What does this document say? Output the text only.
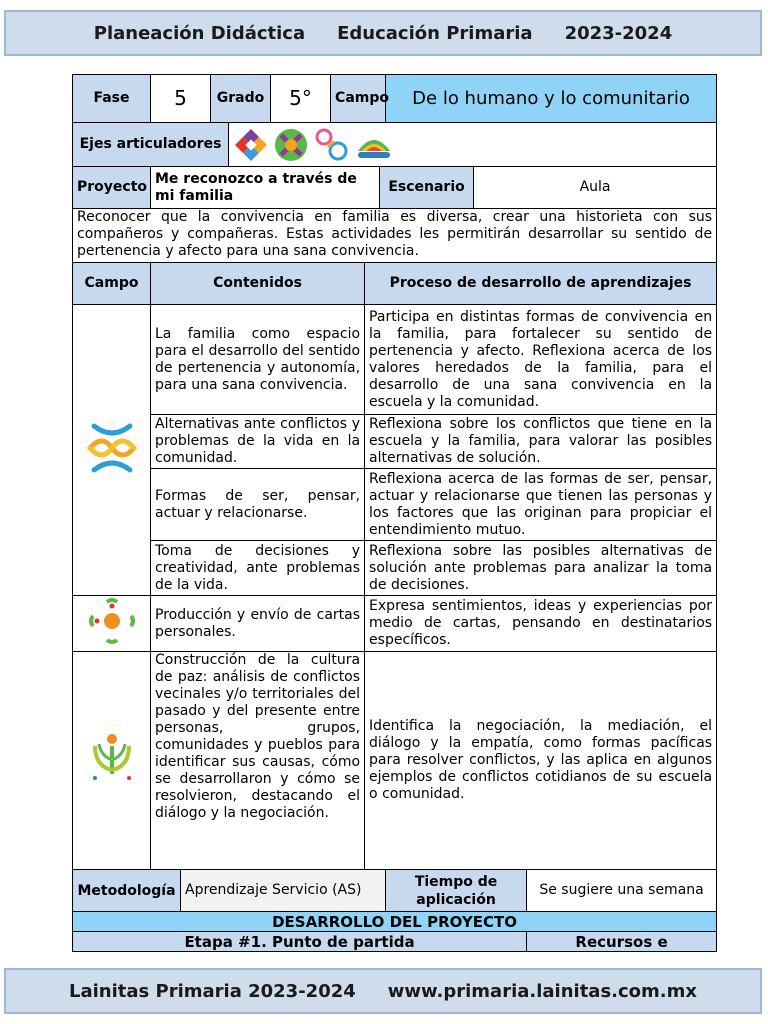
Planeación Didáctica Educación Primaria 2023-2024
Fase	5		Grado		5°	Campo			De lo humano y lo comunitario		
Ejes articuladores	
Proyecto	Me reconozco a través de mi familia							Escenario		Aula	
Reconocer que la convivencia en familia es diversa, crear una historieta con sus compañeros y compañeras. Estas actividades les permitirán desarrollar su sentido de pertenencia y afecto para una sana convivencia.											
Campo	Contenidos						Proceso de desarrollo de aprendizajes				
	La familia como espacio para el desarrollo del sentido de pertenencia y autonomía, para una sana convivencia.						Participa en distintas formas de convivencia en la familia, para fortalecer su sentido de pertenencia y afecto. Reflexiona acerca de los valores heredados de la familia, para el desarrollo de una sana convivencia en la escuela y la comunidad.				
	Alternativas ante conflictos y problemas de la vida en la comunidad.						Reflexiona sobre los conflictos que tiene en la escuela y la familia, para valorar las posibles alternativas de solución.				
	Formas de ser, pensar, actuar y relacionarse.						Reflexiona acerca de las formas de ser, pensar, actuar y relacionarse que tienen las personas y los factores que las originan para propiciar el entendimiento mutuo.				
	Toma de decisiones y creatividad, ante problemas de la vida.						Reflexiona sobre las posibles alternativas de solución ante problemas para analizar la toma de decisiones.				
	Producción y envío de cartas personales.						Expresa sentimientos, ideas y experiencias por medio de cartas, pensando en destinatarios específicos.				
	Construcción de la cultura de paz: análisis de conflictos vecinales y/o territoriales del pasado y del presente entre personas, grupos, comunidades y pueblos para identificar sus causas, cómo se desarrollaron y cómo se resolvieron, destacando el diálogo y la negociación.						Identifica la negociación, la mediación, el diálogo y la empatía, como formas pacíficas para resolver conflictos, y las aplica en algunos ejemplos de conflictos cotidianos de su escuela o comunidad.				
Metodología		Aprendizaje Servicio (AS)							Tiempo de aplicación		Se sugiere una semana
DESARROLLO DEL PROYECTO											
Etapa #1. Punto de partida											Recursos e
Lainitas Primaria 2023-2024 www.primaria.lainitas.com.mx
